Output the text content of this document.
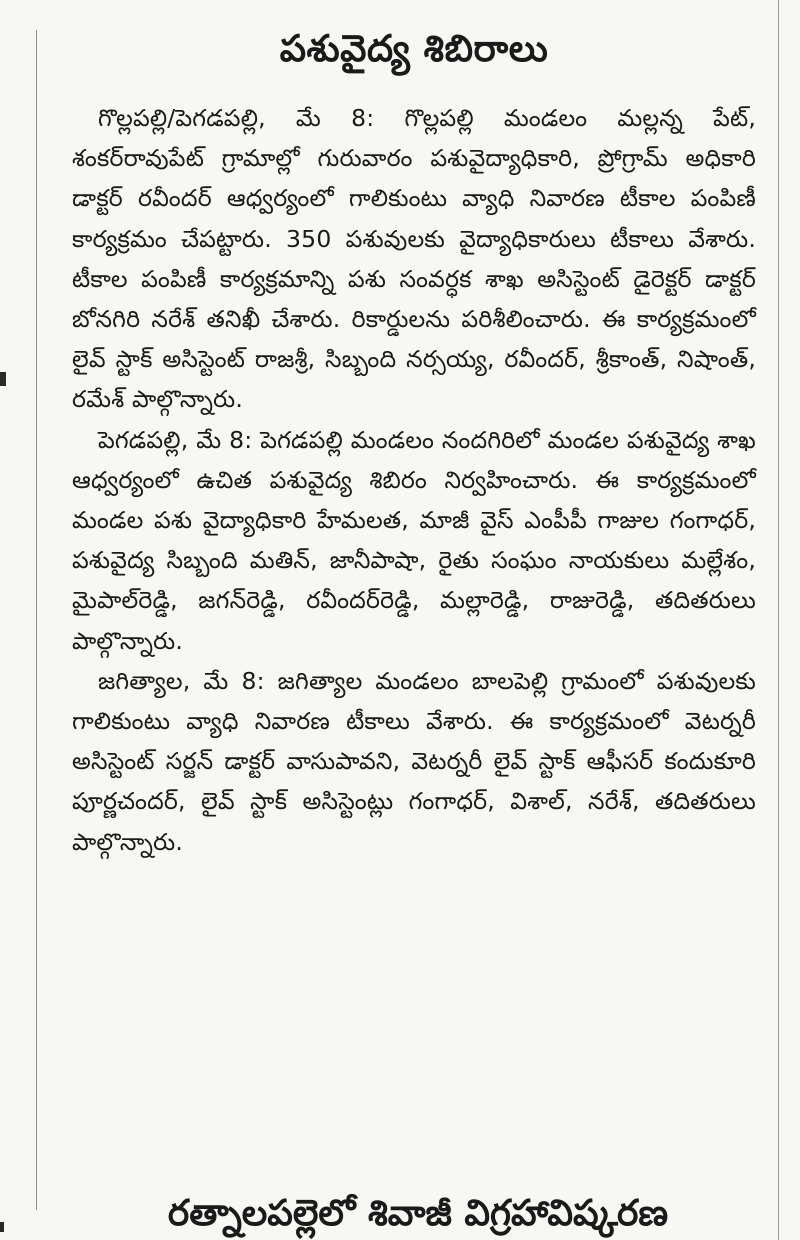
పశువైద్య శిబిరాలు

గొల్లపల్లి/పెగడపల్లి, మే 8: గొల్లపల్లి మండలం మల్లన్న పేట్, శంకర్‌రావుపేట్ గ్రామాల్లో గురువారం పశువైద్యాధికారి, ప్రోగ్రామ్ అధికారి డాక్టర్ రవీందర్ ఆధ్వర్యంలో గాలికుంటు వ్యాధి నివారణ టీకాల పంపిణీ కార్యక్రమం చేపట్టారు. 350 పశువులకు వైద్యాధికారులు టీకాలు వేశారు. టీకాల పంపిణీ కార్యక్రమాన్ని పశు సంవర్ధక శాఖ అసిస్టెంట్ డైరెక్టర్ డాక్టర్ బోనగిరి నరేశ్ తనిఖీ చేశారు. రికార్డులను పరిశీలించారు. ఈ కార్యక్రమంలో లైవ్ స్టాక్ అసిస్టెంట్ రాజశ్రీ, సిబ్బంది నర్సయ్య, రవీందర్, శ్రీకాంత్, నిషాంత్, రమేశ్ పాల్గొన్నారు.

పెగడపల్లి, మే 8: పెగడపల్లి మండలం నందగిరిలో మండల పశువైద్య శాఖ ఆధ్వర్యంలో ఉచిత పశువైద్య శిబిరం నిర్వహించారు. ఈ కార్యక్రమంలో మండల పశు వైద్యాధికారి హేమలత, మాజీ వైస్ ఎంపీపీ గాజుల గంగాధర్, పశువైద్య సిబ్బంది మతిన్, జానీపాషా, రైతు సంఘం నాయకులు మల్లేశం, మైపాల్‌రెడ్డి, జగన్‌రెడ్డి, రవీందర్‌రెడ్డి, మల్లారెడ్డి, రాజురెడ్డి, తదితరులు పాల్గొన్నారు.

జగిత్యాల, మే 8: జగిత్యాల మండలం బాలపెల్లి గ్రామంలో పశువులకు గాలికుంటు వ్యాధి నివారణ టీకాలు వేశారు. ఈ కార్యక్రమంలో వెటర్నరీ అసిస్టెంట్ సర్జన్ డాక్టర్ వాసుపావని, వెటర్నరీ లైవ్ స్టాక్ ఆఫీసర్ కందుకూరి పూర్ణచందర్, లైవ్ స్టాక్ అసిస్టెంట్లు గంగాధర్, విశాల్, నరేశ్, తదితరులు పాల్గొన్నారు.

రత్నాలపల్లెలో శివాజీ విగ్రహావిష్కరణ
